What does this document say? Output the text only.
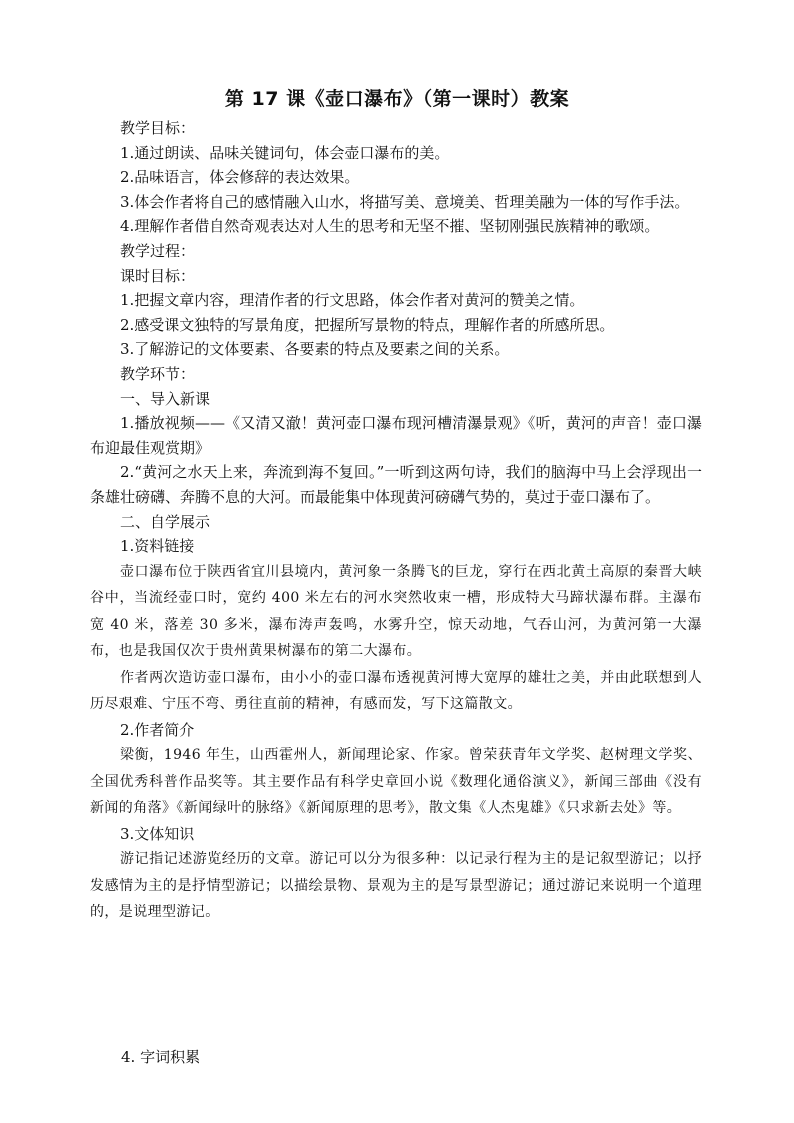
第 17 课《壶口瀑布》（第一课时）教案

教学目标：

1.通过朗读、品味关键词句，体会壶口瀑布的美。

2.品味语言，体会修辞的表达效果。

3.体会作者将自己的感情融入山水，将描写美、意境美、哲理美融为一体的写作手法。

4.理解作者借自然奇观表达对人生的思考和无坚不摧、坚韧刚强民族精神的歌颂。

教学过程：

课时目标：

1.把握文章内容，理清作者的行文思路，体会作者对黄河的赞美之情。

2.感受课文独特的写景角度，把握所写景物的特点，理解作者的所感所思。

3.了解游记的文体要素、各要素的特点及要素之间的关系。

教学环节：

一、导入新课

1.播放视频——《又清又澈！黄河壶口瀑布现河槽清瀑景观》《听，黄河的声音！壶口瀑布迎最佳观赏期》

2.“黄河之水天上来，奔流到海不复回。”一听到这两句诗，我们的脑海中马上会浮现出一条雄壮磅礴、奔腾不息的大河。而最能集中体现黄河磅礴气势的，莫过于壶口瀑布了。

二、自学展示

1.资料链接

壶口瀑布位于陕西省宜川县境内，黄河象一条腾飞的巨龙，穿行在西北黄土高原的秦晋大峡谷中，当流经壶口时，宽约 400 米左右的河水突然收束一槽，形成特大马蹄状瀑布群。主瀑布宽 40 米，落差 30 多米，瀑布涛声轰鸣，水雾升空，惊天动地，气吞山河，为黄河第一大瀑布，也是我国仅次于贵州黄果树瀑布的第二大瀑布。

作者两次造访壶口瀑布，由小小的壶口瀑布透视黄河博大宽厚的雄壮之美，并由此联想到人历尽艰难、宁压不弯、勇往直前的精神，有感而发，写下这篇散文。

2.作者简介

梁衡，1946 年生，山西霍州人，新闻理论家、作家。曾荣获青年文学奖、赵树理文学奖、全国优秀科普作品奖等。其主要作品有科学史章回小说《数理化通俗演义》，新闻三部曲《没有新闻的角落》《新闻绿叶的脉络》《新闻原理的思考》，散文集《人杰鬼雄》《只求新去处》等。

3.文体知识

游记指记述游览经历的文章。游记可以分为很多种：以记录行程为主的是记叙型游记；以抒发感情为主的是抒情型游记；以描绘景物、景观为主的是写景型游记；通过游记来说明一个道理的，是说理型游记。

4. 字词积累
